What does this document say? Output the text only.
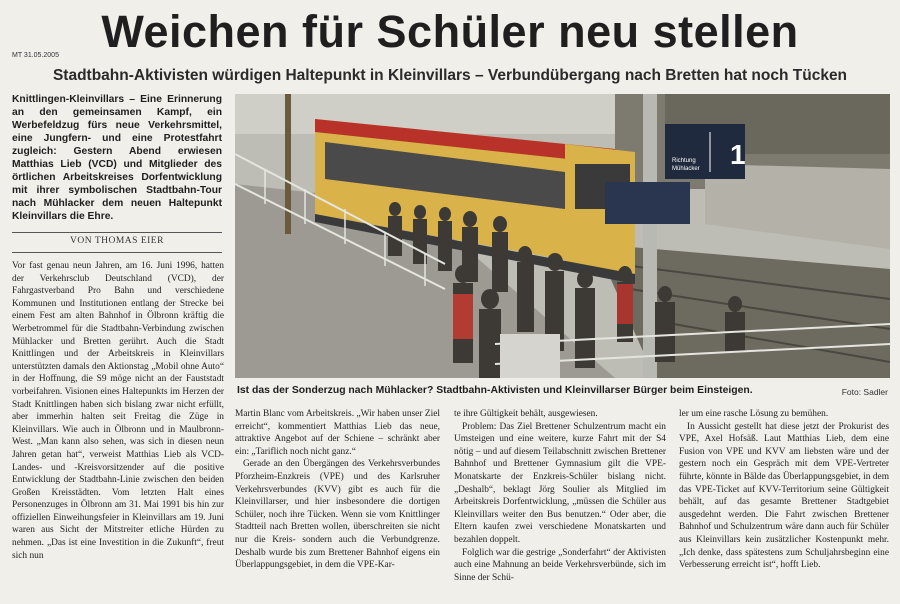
MT 31.05.2005 Weichen für Schüler neu stellen
Stadtbahn-Aktivisten würdigen Haltepunkt in Kleinvillars – Verbundübergang nach Bretten hat noch Tücken
Knittlingen-Kleinvillars – Eine Erinnerung an den gemeinsamen Kampf, ein Werbefeldzug fürs neue Verkehrsmittel, eine Jungfern- und eine Protestfahrt zugleich: Gestern Abend erwiesen Matthias Lieb (VCD) und Mitglieder des örtlichen Arbeitskreises Dorfentwicklung mit ihrer symbolischen Stadtbahn-Tour nach Mühlacker dem neuen Haltepunkt Kleinvillars die Ehre.
VON THOMAS EIER

Vor fast genau neun Jahren, am 16. Juni 1996, hatten der Verkehrsclub Deutschland (VCD), der Fahrgastverband Pro Bahn und verschiedene Kommunen und Institutionen entlang der Strecke bei einem Fest am alten Bahnhof in Ölbronn kräftig die Werbetrommel für die Stadtbahn-Verbindung zwischen Mühlacker und Bretten gerührt. Auch die Stadt Knittlingen und der Arbeitskreis in Kleinvillars unterstützten damals den Aktionstag „Mobil ohne Auto“ in der Hoffnung, die S9 möge nicht an der Fauststadt vorbeifahren. Visionen eines Haltepunkts im Herzen der Stadt Knittlingen haben sich bislang zwar nicht erfüllt, aber immerhin halten seit Freitag die Züge in Kleinvillars. Wie auch in Ölbronn und in Maulbronn-West. „Man kann also sehen, was sich in diesen neun Jahren getan hat“, verweist Matthias Lieb als VCD-Landes- und -Kreisvorsitzender auf die positive Entwicklung der Stadtbahn-Linie zwischen den beiden Großen Kreisstädten. Vom letzten Halt eines Personenzuges in Ölbronn am 31. Mai 1991 bis hin zur offiziellen Einweihungsfeier in Kleinvillars am 19. Juni waren aus Sicht der Mitstreiter etliche Hürden zu nehmen. „Das ist eine Investition in die Zukunft“, freut sich nun

1
Richtung
Mühlacker
Ist das der Sonderzug nach Mühlacker? Stadtbahn-Aktivisten und Kleinvillarser Bürger beim Einsteigen.	Foto: Sadler

Martin Blanc vom Arbeitskreis. „Wir haben unser Ziel erreicht“, kommentiert Matthias Lieb das neue, attraktive Angebot auf der Schiene – schränkt aber ein: „Tariflich noch nicht ganz.“

Gerade an den Übergängen des Verkehrsverbundes Pforzheim-Enzkreis (VPE) und des Karlsruher Verkehrsverbundes (KVV) gibt es auch für die Kleinvillarser, und hier insbesondere die dortigen Schüler, noch ihre Tücken. Wenn sie vom Knittlinger Stadtteil nach Bretten wollen, überschreiten sie nicht nur die Kreis- sondern auch die Verbundgrenze. Deshalb wurde bis zum Brettener Bahnhof eigens ein Überlappungsgebiet, in dem die VPE-Kar-

te ihre Gültigkeit behält, ausgewiesen.

Problem: Das Ziel Brettener Schulzentrum macht ein Umsteigen und eine weitere, kurze Fahrt mit der S4 nötig – und auf diesem Teilabschnitt zwischen Brettener Bahnhof und Brettener Gymnasium gilt die VPE-Monatskarte der Enzkreis-Schüler bislang nicht. „Deshalb“, beklagt Jörg Soulier als Mitglied im Arbeitskreis Dorfentwicklung, „müssen die Schüler aus Kleinvillars weiter den Bus benutzen.“ Oder aber, die Eltern kaufen zwei verschiedene Monatskarten und bezahlen doppelt.

Folglich war die gestrige „Sonderfahrt“ der Aktivisten auch eine Mahnung an beide Verkehrsverbünde, sich im Sinne der Schü-

ler um eine rasche Lösung zu bemühen.

In Aussicht gestellt hat diese jetzt der Prokurist des VPE, Axel Hofsäß. Laut Matthias Lieb, dem eine Fusion von VPE und KVV am liebsten wäre und der gestern noch ein Gespräch mit dem VPE-Vertreter führte, könnte in Bälde das Überlappungsgebiet, in dem das VPE-Ticket auf KVV-Territorium seine Gültigkeit behält, auf das gesamte Brettener Stadtgebiet ausgedehnt werden. Die Fahrt zwischen Brettener Bahnhof und Schulzentrum wäre dann auch für Schüler aus Kleinvillars kein zusätzlicher Kostenpunkt mehr. „Ich denke, dass spätestens zum Schuljahrsbeginn eine Verbesserung erreicht ist“, hofft Lieb.
